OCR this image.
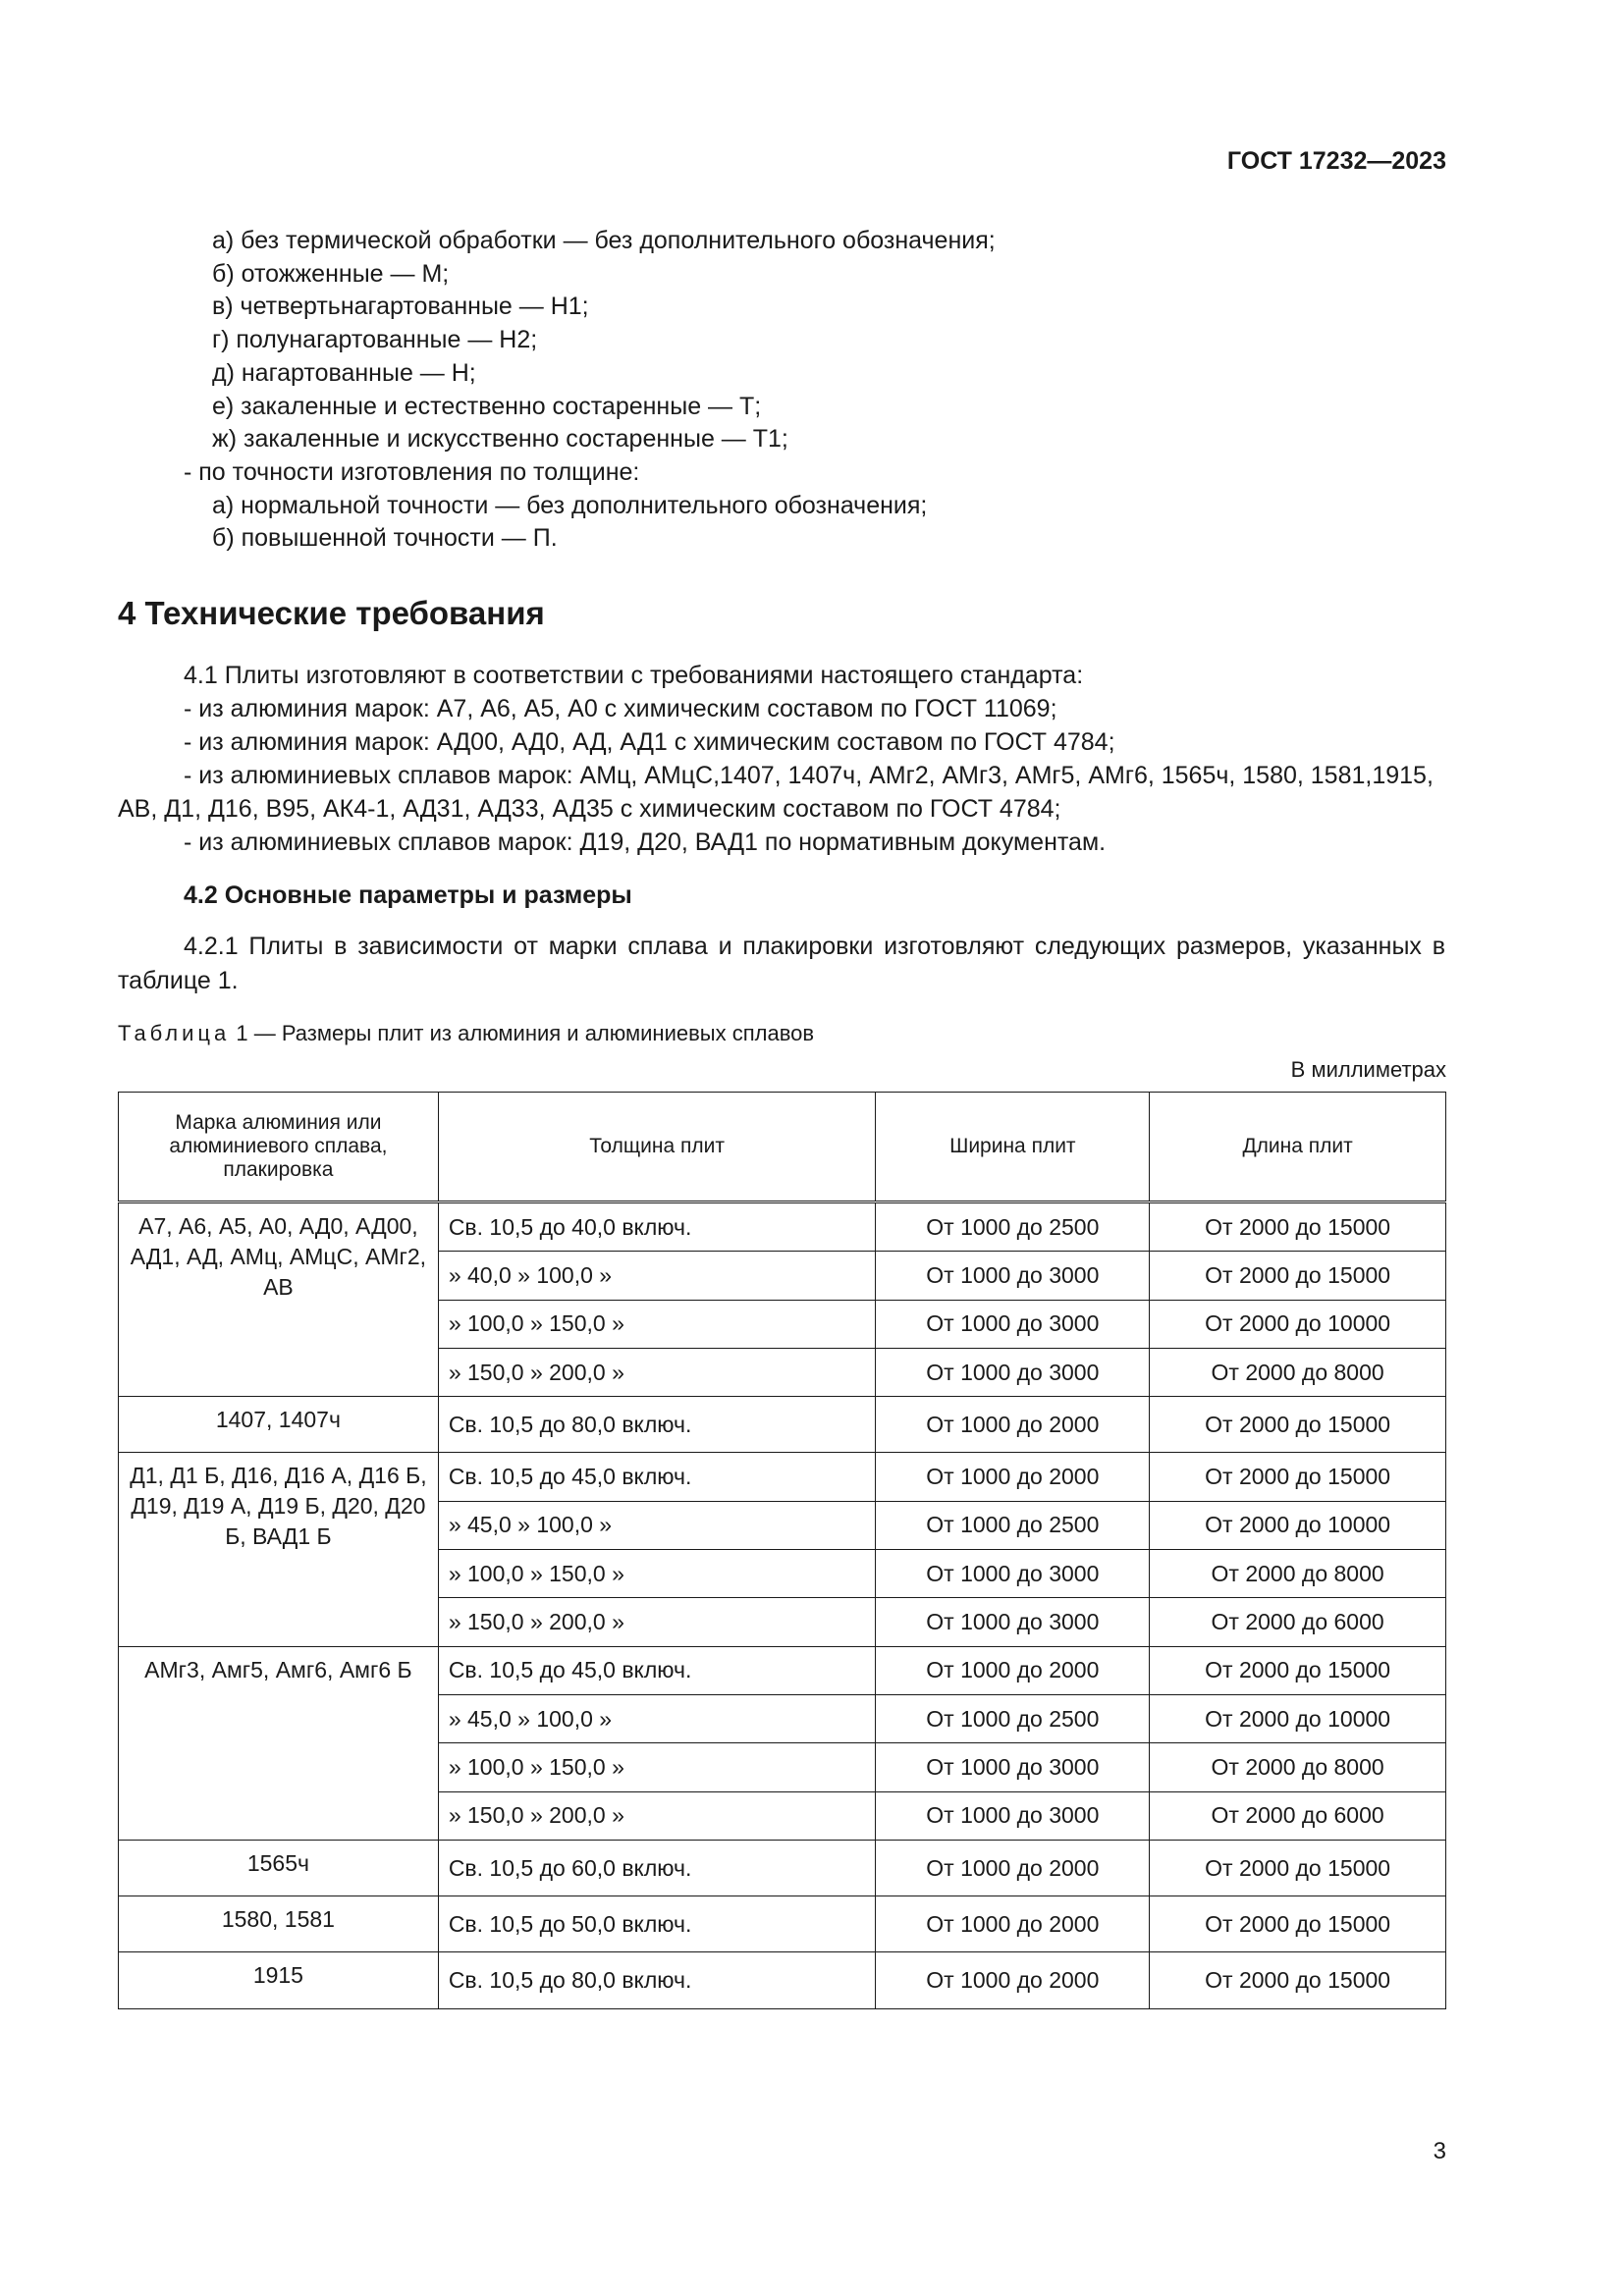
ГОСТ 17232—2023
а) без термической обработки — без дополнительного обозначения;
б) отожженные — М;
в) четвертьнагартованные — Н1;
г) полунагартованные — Н2;
д) нагартованные — Н;
е) закаленные и естественно состаренные — Т;
ж) закаленные и искусственно состаренные — Т1;
- по точности изготовления по толщине:
а) нормальной точности — без дополнительного обозначения;
б) повышенной точности — П.
4 Технические требования
4.1 Плиты изготовляют в соответствии с требованиями настоящего стандарта:
- из алюминия марок: А7, А6, А5, А0 с химическим составом по ГОСТ 11069;
- из алюминия марок: АД00, АД0, АД, АД1 с химическим составом по ГОСТ 4784;
- из алюминиевых сплавов марок: АМц, АМцС,1407, 1407ч, АМг2, АМг3, АМг5, АМг6, 1565ч, 1580, 1581,1915, АВ, Д1, Д16, В95, АК4-1, АД31, АД33, АД35 с химическим составом по ГОСТ 4784;
- из алюминиевых сплавов марок: Д19, Д20, ВАД1 по нормативным документам.
4.2 Основные параметры и размеры
4.2.1 Плиты в зависимости от марки сплава и плакировки изготовляют следующих размеров, указанных в таблице 1.
Таблица 1 — Размеры плит из алюминия и алюминиевых сплавов
В миллиметрах
Марка алюминия или алюминиевого сплава, плакировка	Толщина плит	Ширина плит	Длина плит
А7, А6, А5, А0, АД0, АД00, АД1, АД, АМц, АМцС, АМг2, АВ	Св. 10,5 до 40,0 включ.	От 1000 до 2500	От 2000 до 15000
	» 40,0 » 100,0 »	От 1000 до 3000	От 2000 до 15000
	» 100,0 » 150,0 »	От 1000 до 3000	От 2000 до 10000
	» 150,0 » 200,0 »	От 1000 до 3000	От 2000 до 8000
1407, 1407ч	Св. 10,5 до 80,0 включ.	От 1000 до 2000	От 2000 до 15000
Д1, Д1 Б, Д16, Д16 А, Д16 Б, Д19, Д19 А, Д19 Б, Д20, Д20 Б, ВАД1 Б	Св. 10,5 до 45,0 включ.	От 1000 до 2000	От 2000 до 15000
	» 45,0 » 100,0 »	От 1000 до 2500	От 2000 до 10000
	» 100,0 » 150,0 »	От 1000 до 3000	От 2000 до 8000
	» 150,0 » 200,0 »	От 1000 до 3000	От 2000 до 6000
АМг3, Амг5, Амг6, Амг6 Б	Св. 10,5 до 45,0 включ.	От 1000 до 2000	От 2000 до 15000
	» 45,0 » 100,0 »	От 1000 до 2500	От 2000 до 10000
	» 100,0 » 150,0 »	От 1000 до 3000	От 2000 до 8000
	» 150,0 » 200,0 »	От 1000 до 3000	От 2000 до 6000
1565ч	Св. 10,5 до 60,0 включ.	От 1000 до 2000	От 2000 до 15000
1580, 1581	Св. 10,5 до 50,0 включ.	От 1000 до 2000	От 2000 до 15000
1915	Св. 10,5 до 80,0 включ.	От 1000 до 2000	От 2000 до 15000
3
